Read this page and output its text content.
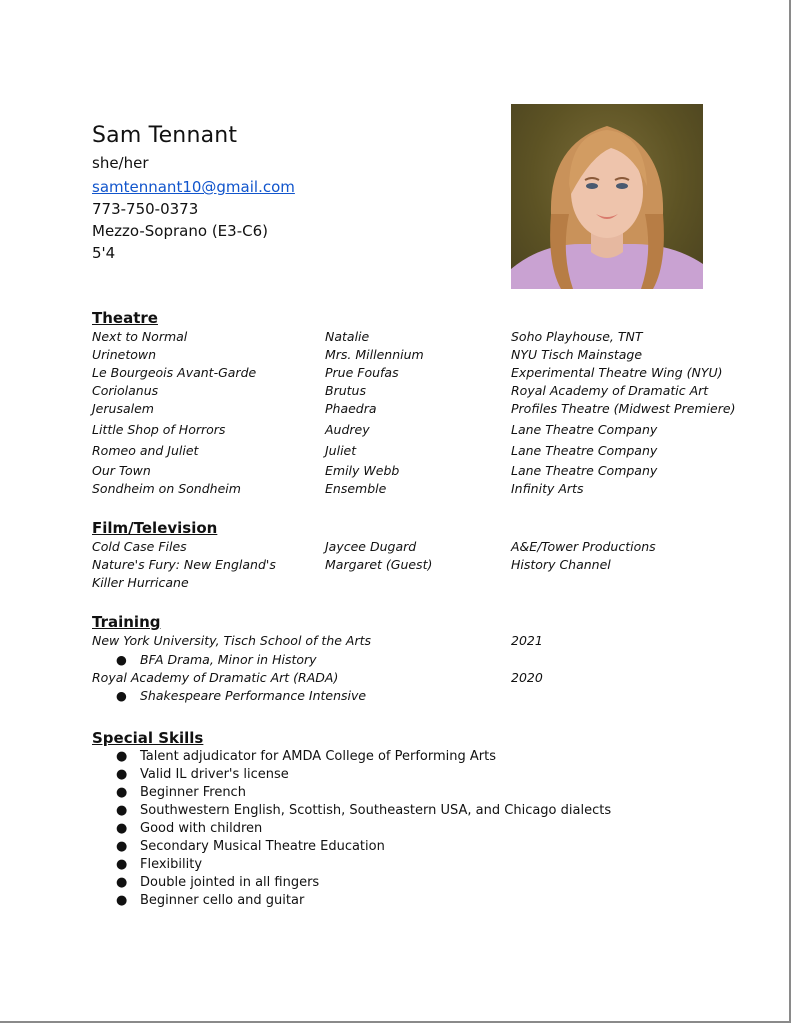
Sam Tennant
she/her
samtennant10@gmail.com
773-750-0373
Mezzo-Soprano (E3-C6)
5'4
Theatre
Next to Normal	Natalie	Soho Playhouse, TNT
Urinetown	Mrs. Millennium	NYU Tisch Mainstage
Le Bourgeois Avant-Garde	Prue Foufas	Experimental Theatre Wing (NYU)
Coriolanus	Brutus	Royal Academy of Dramatic Art
Jerusalem	Phaedra	Profiles Theatre (Midwest Premiere)
Little Shop of Horrors	Audrey	Lane Theatre Company
Romeo and Juliet	Juliet	Lane Theatre Company
Our Town	Emily Webb	Lane Theatre Company
Sondheim on Sondheim	Ensemble	Infinity Arts
Film/Television
Cold Case Files	Jaycee Dugard	A&E/Tower Productions
Nature's Fury: New England's	Margaret (Guest)	History Channel
Killer Hurricane
Training
New York University, Tisch School of the Arts	2021
● BFA Drama, Minor in History
Royal Academy of Dramatic Art (RADA)	2020
● Shakespeare Performance Intensive
Special Skills
● Talent adjudicator for AMDA College of Performing Arts
● Valid IL driver's license
● Beginner French
● Southwestern English, Scottish, Southeastern USA, and Chicago dialects
● Good with children
● Secondary Musical Theatre Education
● Flexibility
● Double jointed in all fingers
● Beginner cello and guitar
